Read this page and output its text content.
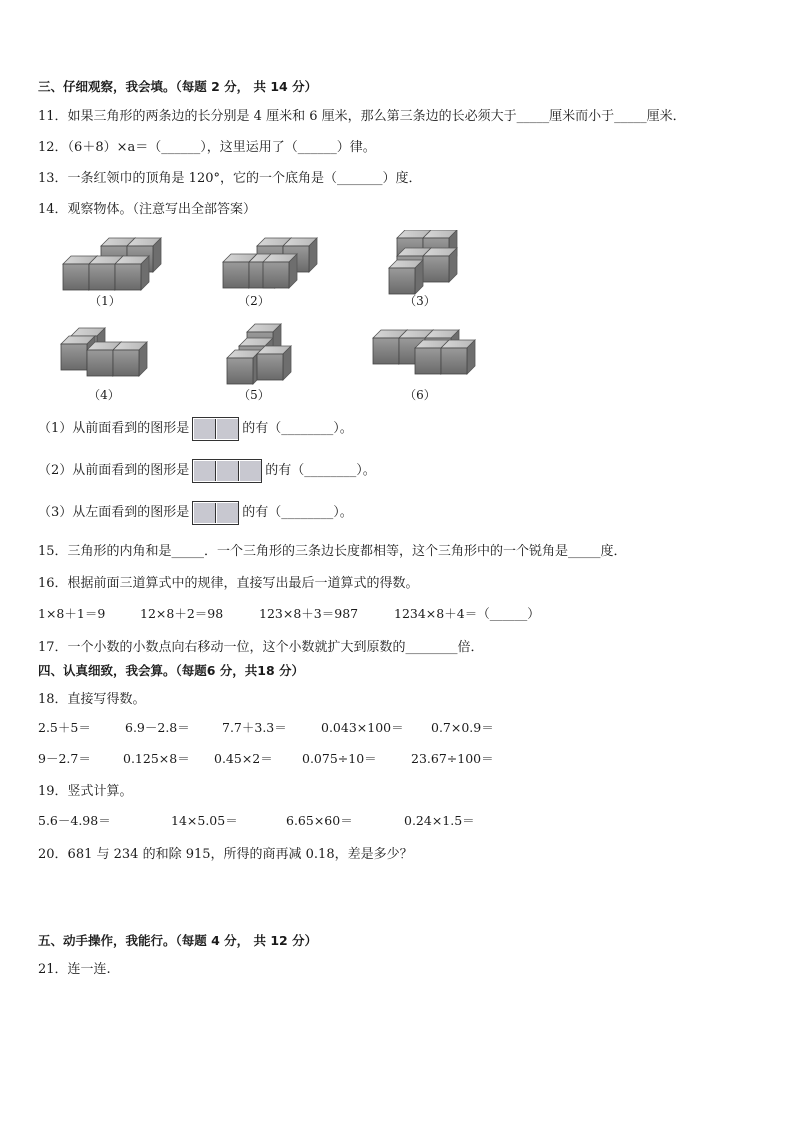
三、仔细观察，我会填。（每题 2 分， 共 14 分）
11．如果三角形的两条边的长分别是 4 厘米和 6 厘米，那么第三条边的长必须大于_____厘米而小于_____厘米．
12．（6＋8）×a＝（______），这里运用了（______）律。
13．一条红领巾的顶角是 120°，它的一个底角是（_______）度．
14．观察物体。（注意写出全部答案）
（1）	（2）	（3）
（4）	（5）	（6）
（1）从前面看到的图形是	的有（________）。
（2）从前面看到的图形是	的有（________）。
（3）从左面看到的图形是	的有（________）。
15．三角形的内角和是_____．一个三角形的三条边长度都相等，这个三角形中的一个锐角是_____度．
16．根据前面三道算式中的规律，直接写出最后一道算式的得数。
1×8＋1＝9	12×8＋2＝98	123×8＋3＝987	1234×8＋4＝（______）
17．一个小数的小数点向右移动一位，这个小数就扩大到原数的________倍．
四、认真细致，我会算。（每题6 分，共18 分）
18．直接写得数。
2.5＋5＝	6.9－2.8＝	7.7＋3.3＝	0.043×100＝ 0.7×0.9＝
9－2.7＝	0.125×8＝ 0.45×2＝ 0.075÷10＝	23.67÷100＝
19．竖式计算。
5.6－4.98＝	14×5.05＝	6.65×60＝	0.24×1.5＝
20．681 与 234 的和除 915，所得的商再减 0.18，差是多少？
五、动手操作，我能行。（每题 4 分， 共 12 分）
21．连一连.
